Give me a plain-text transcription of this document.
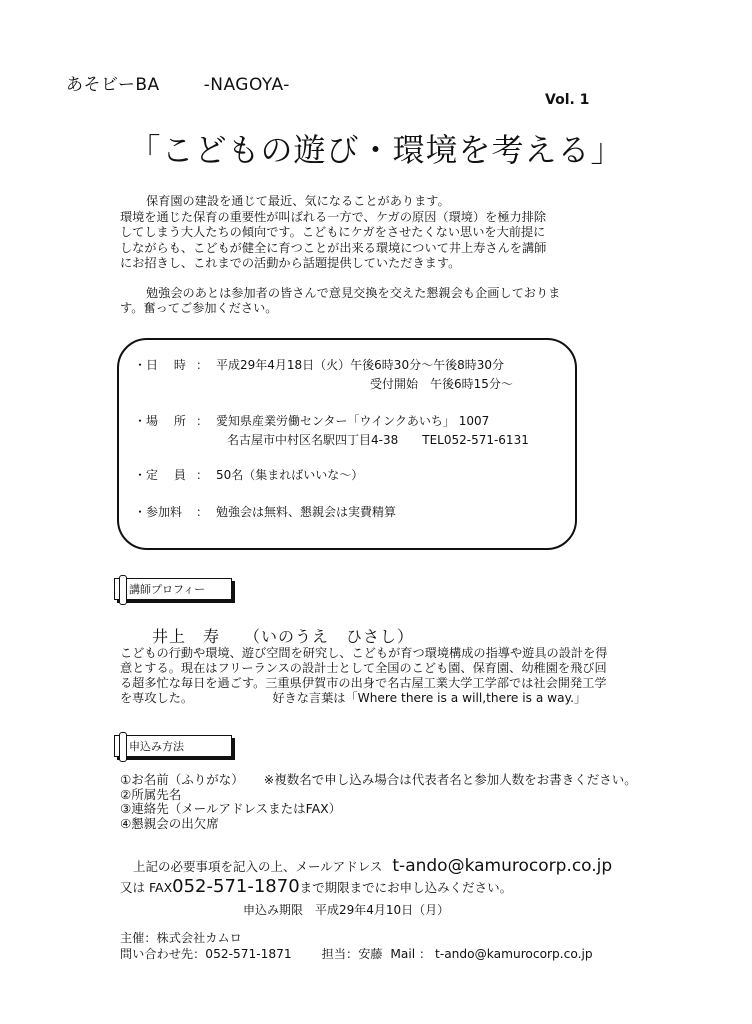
あそビーBA	-NAGOYA-
Vol. 1
「こどもの遊び・環境を考える」

保育園の建設を通じて最近、気になることがあります。
環境を通じた保育の重要性が叫ばれる一方で、ケガの原因（環境）を極力排除
してしまう大人たちの傾向です。こどもにケガをさせたくない思いを大前提に
しながらも、こどもが健全に育つことが出来る環境について井上寿さんを講師
にお招きし、これまでの活動から話題提供していただきます。

勉強会のあとは参加者の皆さんで意見交換を交えた懇親会も企画しておりま
す。奮ってご参加ください。

・日　 時 ： 平成29年4月18日（火）午後6時30分～午後8時30分
受付開始　午後6時15分～
・場　 所 ： 愛知県産業労働センター「ウインクあいち」 1007
名古屋市中村区名駅四丁目4-38　　TEL052-571-6131
・定　 員 ： 50名（集まればいいな～）
・参加料 ： 勉強会は無料、懇親会は実費精算
講師プロフィー
井上　寿 （いのうえ　ひさし）
こどもの行動や環境、遊び空間を研究し、こどもが育つ環境構成の指導や遊具の設計を得
意とする。現在はフリーランスの設計士として全国のこども園、保育園、幼稚園を飛び回
る超多忙な毎日を過ごす。三重県伊賀市の出身で名古屋工業大学工学部では社会開発工学
を専攻した。　　　　　　　好きな言葉は「Where there is a will,there is a way.」
申込み方法
①お名前（ふりがな） ※複数名で申し込み場合は代表者名と参加人数をお書きください。
②所属先名
③連絡先（メールアドレスまたはFAX）
④懇親会の出欠席
上記の必要事項を記入の上、メールアドレス t-ando@kamurocorp.co.jp
又は FAX052-571-1870まで期限までにお申し込みください。
申込み期限　平成29年4月10日（月）
主催：株式会社カムロ
問い合わせ先：052-571-1871 担当：安藤 Mail ： t-ando@kamurocorp.co.jp
